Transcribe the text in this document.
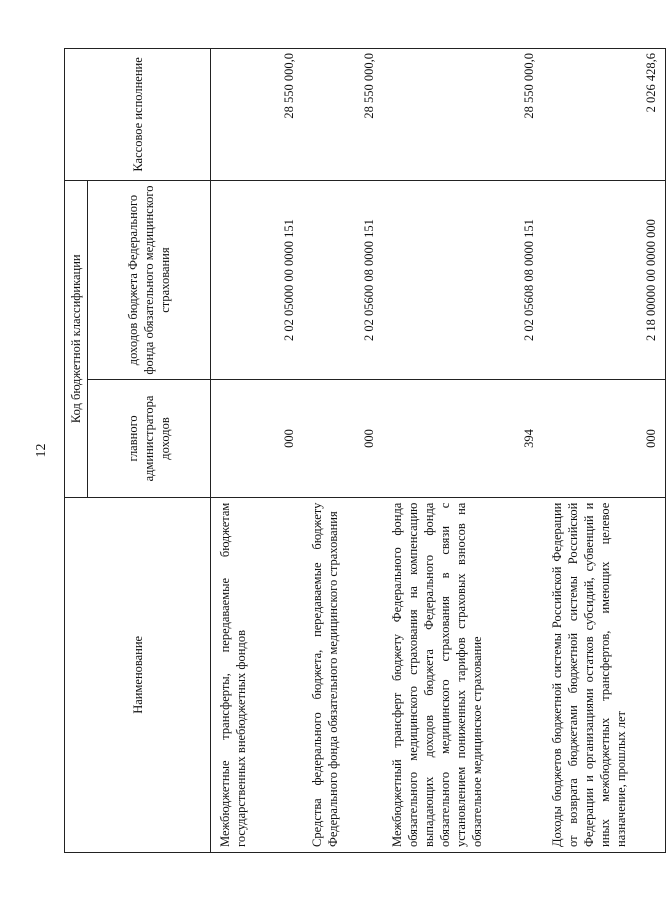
12
Наименование	Код бюджетной классификации		Кассовое исполнение
	главного администратора доходов	доходов бюджета Федерального фонда обязательного медицинского страхования	
Межбюджетные трансферты, передаваемые бюджетам государственных внебюджетных фондов	000	2 02 05000 00 0000 151	28 550 000,0
Средства федерального бюджета, передаваемые бюджету Федерального фонда обязательного медицинского страхования	000	2 02 05600 08 0000 151	28 550 000,0
Межбюджетный трансферт бюджету Федерального фонда обязательного медицинского страхования на компенсацию выпадающих доходов бюджета Федерального фонда обязательного медицинского страхования в связи с установлением пониженных тарифов страховых взносов на обязательное медицинское страхование	394	2 02 05608 08 0000 151	28 550 000,0
Доходы бюджетов бюджетной системы Российской Федерации от возврата бюджетами бюджетной системы Российской Федерации и организациями остатков субсидий, субвенций и иных межбюджетных трансфертов, имеющих целевое назначение, прошлых лет	000	2 18 00000 00 0000 000	2 026 428,6
